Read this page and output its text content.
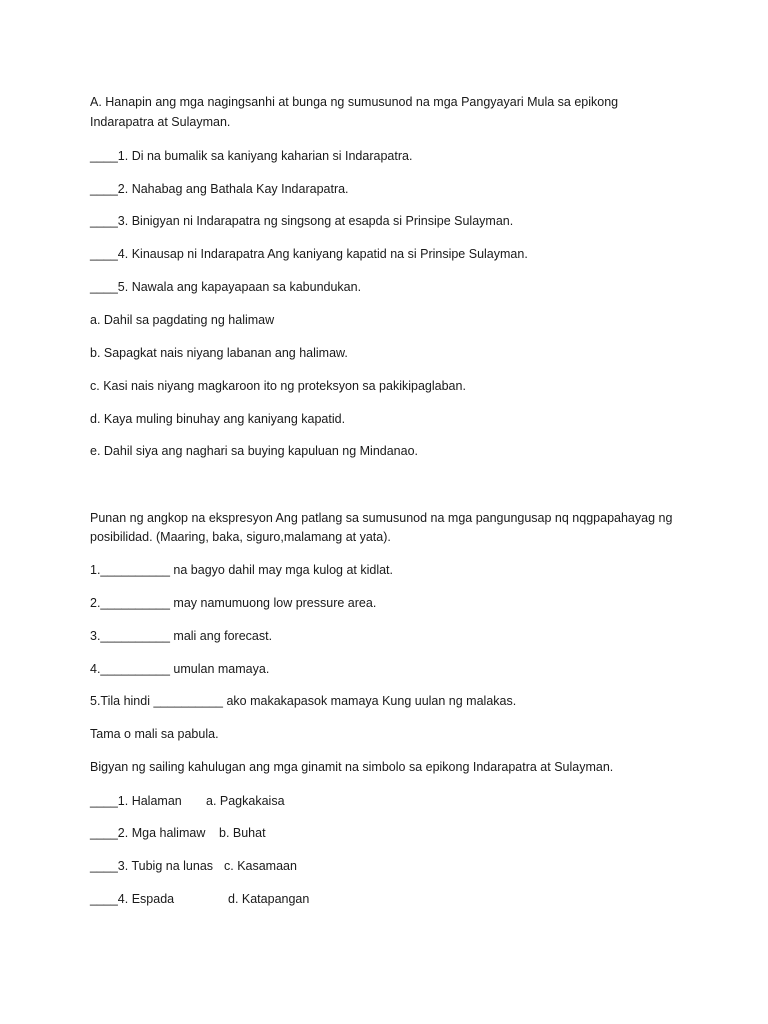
A. Hanapin ang mga nagingsanhi at bunga ng sumusunod na mga Pangyayari Mula sa epikong
Indarapatra at Sulayman.
____1. Di na bumalik sa kaniyang kaharian si Indarapatra.
____2. Nahabag ang Bathala Kay Indarapatra.
____3. Binigyan ni Indarapatra ng singsong at esapda si Prinsipe Sulayman.
____4. Kinausap ni Indarapatra Ang kaniyang kapatid na si Prinsipe Sulayman.
____5. Nawala ang kapayapaan sa kabundukan.
a. Dahil sa pagdating ng halimaw
b. Sapagkat nais niyang labanan ang halimaw.
c. Kasi nais niyang magkaroon ito ng proteksyon sa pakikipaglaban.
d. Kaya muling binuhay ang kaniyang kapatid.
e. Dahil siya ang naghari sa buying kapuluan ng Mindanao.
Punan ng angkop na ekspresyon Ang patlang sa sumusunod na mga pangungusap nq nqgpapahayag ng
posibilidad. (Maaring, baka, siguro,malamang at yata).
1.__________ na bagyo dahil may mga kulog at kidlat.
2.__________ may namumuong low pressure area.
3.__________ mali ang forecast.
4.__________ umulan mamaya.
5.Tila hindi __________ ako makakapasok mamaya Kung uulan ng malakas.
Tama o mali sa pabula.
Bigyan ng sailing kahulugan ang mga ginamit na simbolo sa epikong Indarapatra at Sulayman.
____1. Halaman a. Pagkakaisa
____2. Mga halimaw b. Buhat
____3. Tubig na lunas c. Kasamaan
____4. Espada	d. Katapangan
